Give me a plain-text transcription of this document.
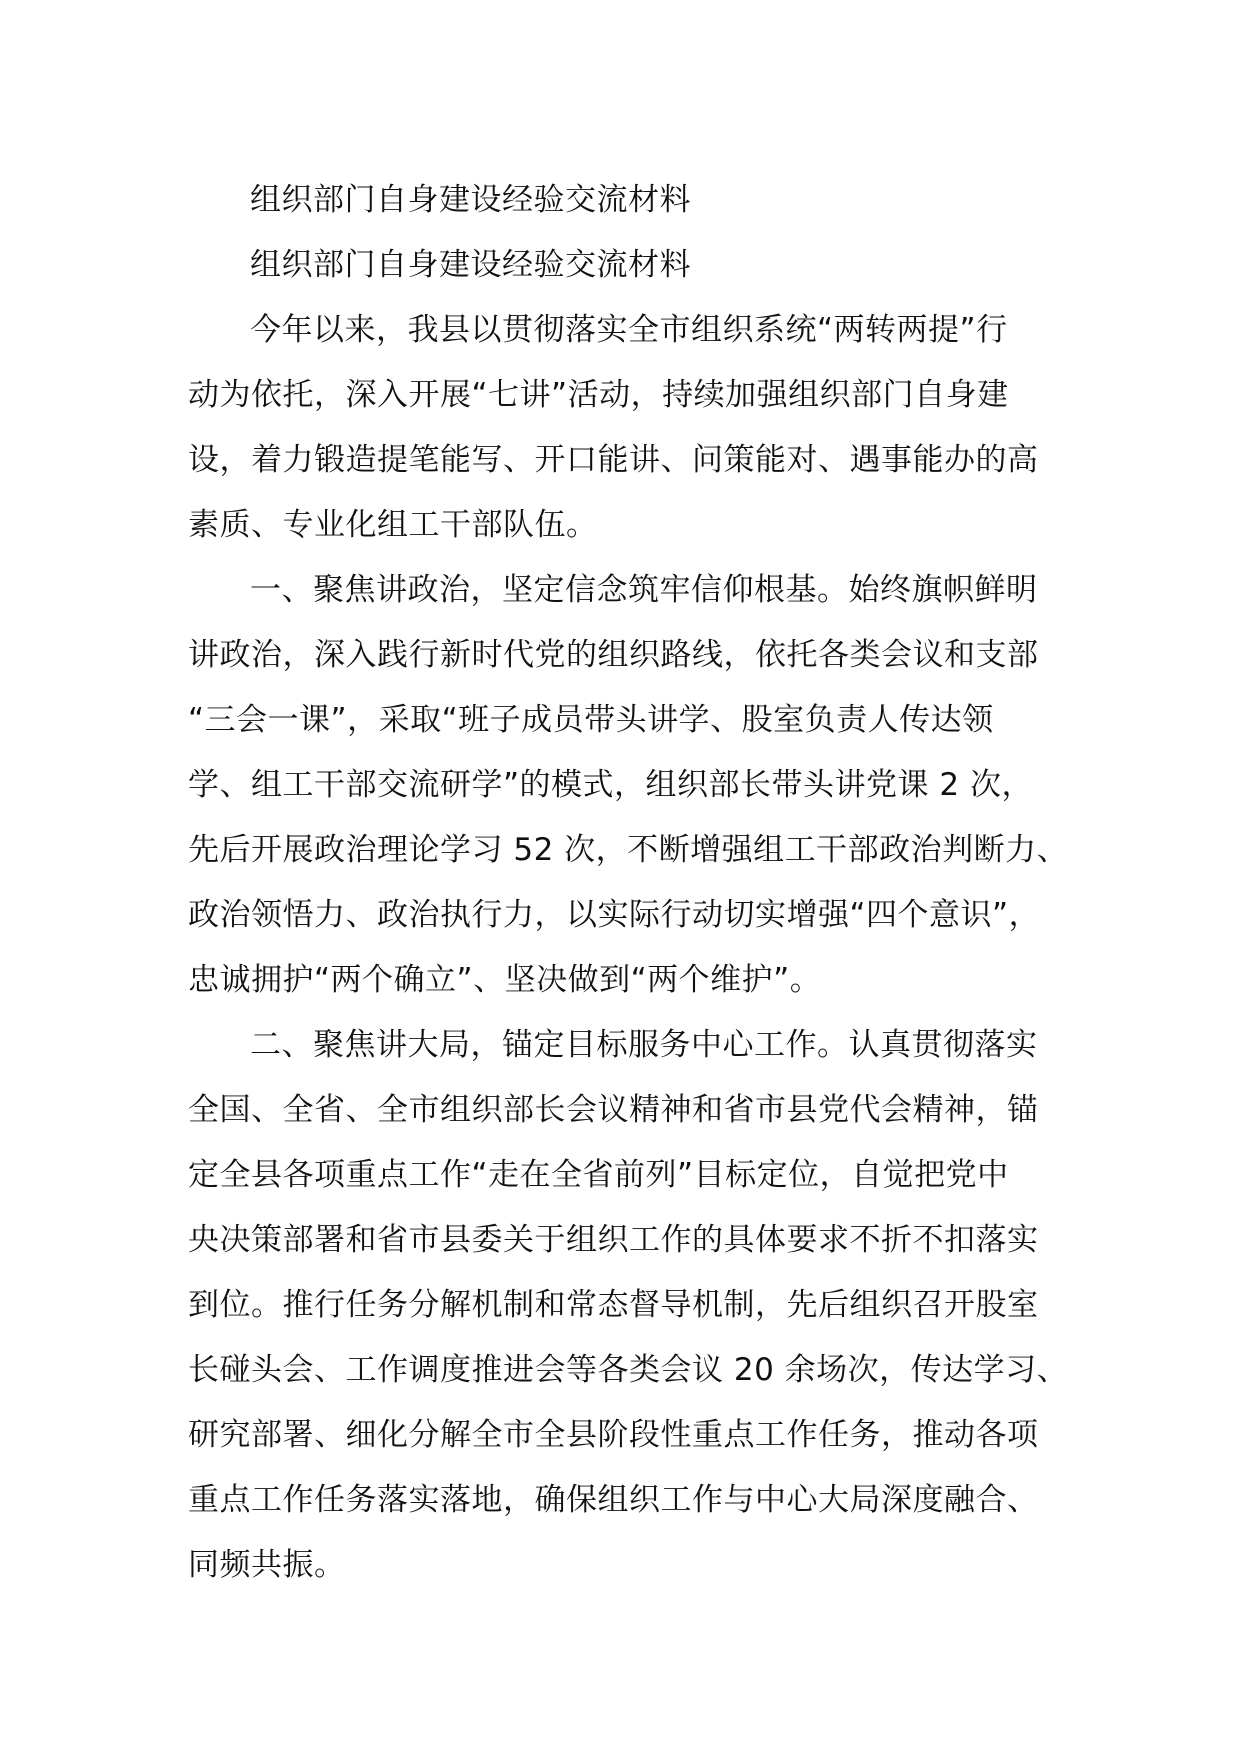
组织部门自身建设经验交流材料
组织部门自身建设经验交流材料
今年以来，我县以贯彻落实全市组织系统“两转两提”行
动为依托，深入开展“七讲”活动，持续加强组织部门自身建
设，着力锻造提笔能写、开口能讲、问策能对、遇事能办的高
素质、专业化组工干部队伍。
一、聚焦讲政治，坚定信念筑牢信仰根基。始终旗帜鲜明
讲政治，深入践行新时代党的组织路线，依托各类会议和支部
“三会一课”，采取“班子成员带头讲学、股室负责人传达领
学、组工干部交流研学”的模式，组织部长带头讲党课 2 次，
先后开展政治理论学习 52 次，不断增强组工干部政治判断力、
政治领悟力、政治执行力，以实际行动切实增强“四个意识”，
忠诚拥护“两个确立”、坚决做到“两个维护”。
二、聚焦讲大局，锚定目标服务中心工作。认真贯彻落实
全国、全省、全市组织部长会议精神和省市县党代会精神，锚
定全县各项重点工作“走在全省前列”目标定位，自觉把党中
央决策部署和省市县委关于组织工作的具体要求不折不扣落实
到位。推行任务分解机制和常态督导机制，先后组织召开股室
长碰头会、工作调度推进会等各类会议 20 余场次，传达学习、
研究部署、细化分解全市全县阶段性重点工作任务，推动各项
重点工作任务落实落地，确保组织工作与中心大局深度融合、
同频共振。
